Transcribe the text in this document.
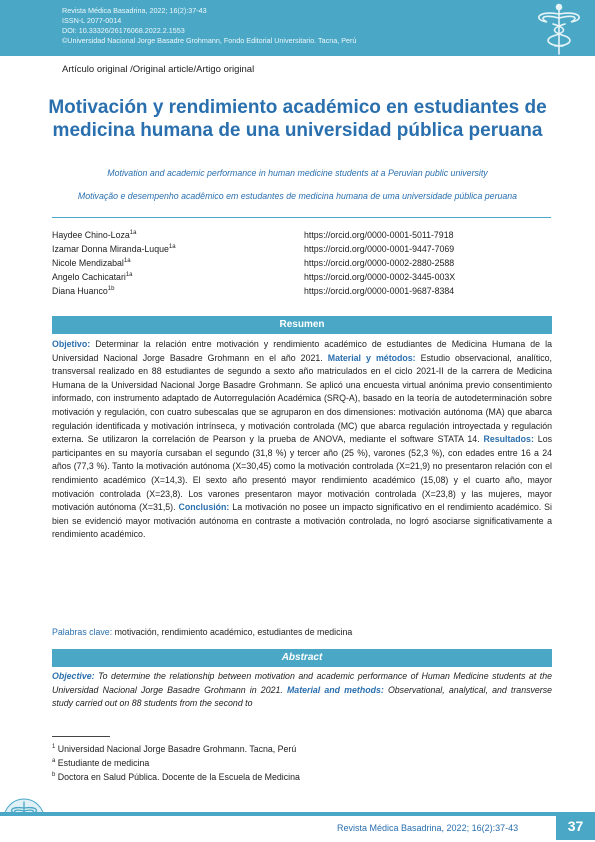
Revista Médica Basadrina, 2022; 16(2):37-43
ISSN-L 2077-0014
DOI: 10.33326/26176068.2022.2.1553
©Universidad Nacional Jorge Basadre Grohmann, Fondo Editorial Universitario. Tacna, Perú
Artículo original /Original article/Artigo original
Motivación y rendimiento académico en estudiantes de medicina humana de una universidad pública peruana
Motivation and academic performance in human medicine students at a Peruvian public university
Motivação e desempenho acadêmico em estudantes de medicina humana de uma universidade pública peruana
Haydee Chino-Loza$^{1a}$	https://orcid.org/0000-0001-5011-7918
Izamar Donna Miranda-Luque$^{1a}$	https://orcid.org/0000-0001-9447-7069
Nicole Mendizabal$^{1a}$	https://orcid.org/0000-0002-2880-2588
Angelo Cachicatari$^{1a}$	https://orcid.org/0000-0002-3445-003X
Diana Huanco$^{1b}$	https://orcid.org/0000-0001-9687-8384
Resumen
Objetivo: Determinar la relación entre motivación y rendimiento académico de estudiantes de Medicina Humana de la Universidad Nacional Jorge Basadre Grohmann en el año 2021. Material y métodos: Estudio observacional, analítico, transversal realizado en 88 estudiantes de segundo a sexto año matriculados en el ciclo 2021-II de la carrera de Medicina Humana de la Universidad Nacional Jorge Basadre Grohmann. Se aplicó una encuesta virtual anónima previo consentimiento informado, con instrumento adaptado de Autorregulación Académica (SRQ-A), basado en la teoría de autodeterminación sobre motivación y regulación, con cuatro subescalas que se agruparon en dos dimensiones: motivación autónoma (MA) que abarca regulación identificada y motivación intrínseca, y motivación controlada (MC) que abarca regulación introyectada y regulación externa. Se utilizaron la correlación de Pearson y la prueba de ANOVA, mediante el software STATA 14. Resultados: Los participantes en su mayoría cursaban el segundo (31,8 %) y tercer año (25 %), varones (52,3 %), con edades entre 16 a 24 años (77,3 %). Tanto la motivación autónoma (X=30,45) como la motivación controlada (X=21,9) no presentaron relación con el rendimiento académico (X=14,3). El sexto año presentó mayor rendimiento académico (15,08) y el cuarto año, mayor motivación controlada (X=23,8). Los varones presentaron mayor motivación controlada (X=23,8) y las mujeres, mayor motivación autónoma (X=31,5). Conclusión: La motivación no posee un impacto significativo en el rendimiento académico. Si bien se evidenció mayor motivación autónoma en contraste a motivación controlada, no logró asociarse significativamente a rendimiento académico.
Palabras clave: motivación, rendimiento académico, estudiantes de medicina
Abstract
Objective: To determine the relationship between motivation and academic performance of Human Medicine students at the Universidad Nacional Jorge Basadre Grohmann in 2021. Material and methods: Observational, analytical, and transverse study carried out on 88 students from the second to
$^1$ Universidad Nacional Jorge Basadre Grohmann. Tacna, Perú
$^a$ Estudiante de medicina
$^b$ Doctora en Salud Pública. Docente de la Escuela de Medicina
Revista Médica Basadrina, 2022; 16(2):37-43	37
